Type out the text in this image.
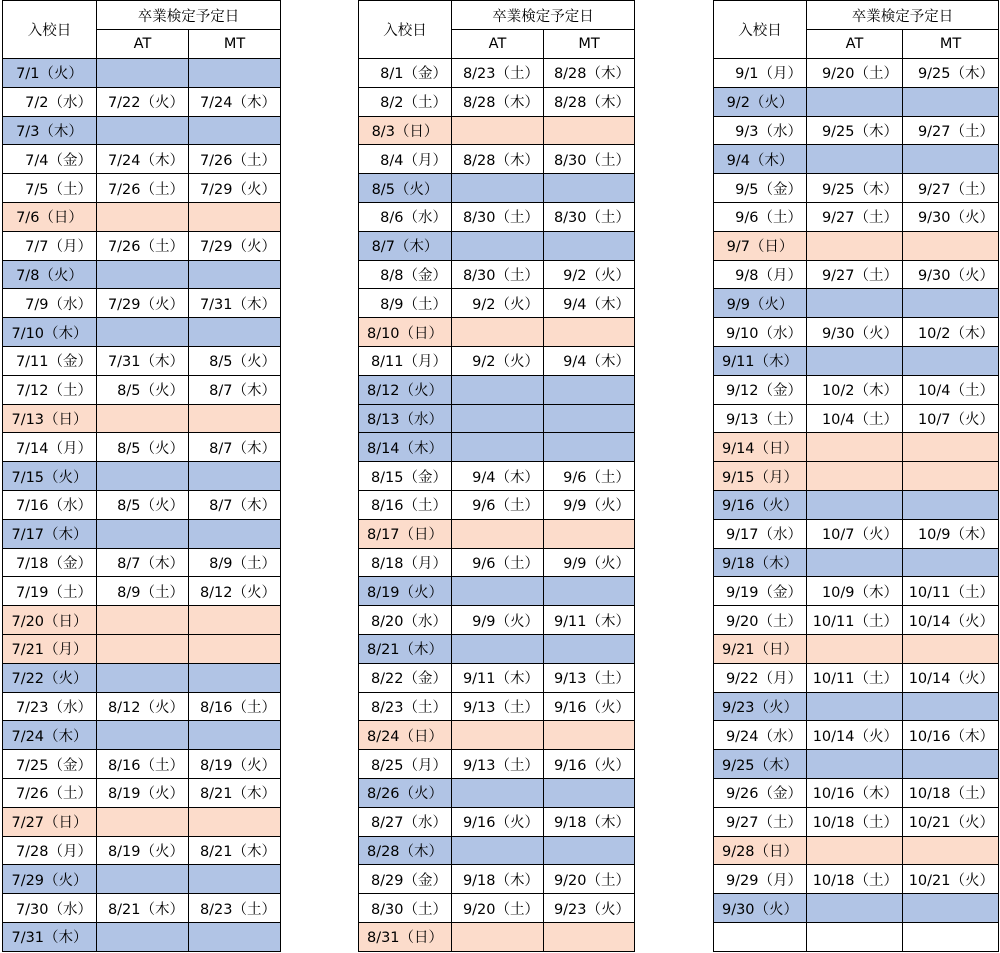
入校日	卒業検定予定日	
	AT	MT
7/1（火）		
7/2（水）	7/22（火）	7/24（木）
7/3（木）		
7/4（金）	7/24（木）	7/26（土）
7/5（土）	7/26（土）	7/29（火）
7/6（日）		
7/7（月）	7/26（土）	7/29（火）
7/8（火）		
7/9（水）	7/29（火）	7/31（木）
7/10（木）		
7/11（金）	7/31（木）	8/5（火）
7/12（土）	8/5（火）	8/7（木）
7/13（日）		
7/14（月）	8/5（火）	8/7（木）
7/15（火）		
7/16（水）	8/5（火）	8/7（木）
7/17（木）		
7/18（金）	8/7（木）	8/9（土）
7/19（土）	8/9（土）	8/12（火）
7/20（日）		
7/21（月）		
7/22（火）		
7/23（水）	8/12（火）	8/16（土）
7/24（木）		
7/25（金）	8/16（土）	8/19（火）
7/26（土）	8/19（火）	8/21（木）
7/27（日）		
7/28（月）	8/19（火）	8/21（木）
7/29（火）		
7/30（水）	8/21（木）	8/23（土）
7/31（木）		
入校日	卒業検定予定日	
	AT	MT
8/1（金）	8/23（土）	8/28（木）
8/2（土）	8/28（木）	8/28（木）
8/3（日）		
8/4（月）	8/28（木）	8/30（土）
8/5（火）		
8/6（水）	8/30（土）	8/30（土）
8/7（木）		
8/8（金）	8/30（土）	9/2（火）
8/9（土）	9/2（火）	9/4（木）
8/10（日）		
8/11（月）	9/2（火）	9/4（木）
8/12（火）		
8/13（水）		
8/14（木）		
8/15（金）	9/4（木）	9/6（土）
8/16（土）	9/6（土）	9/9（火）
8/17（日）		
8/18（月）	9/6（土）	9/9（火）
8/19（火）		
8/20（水）	9/9（火）	9/11（木）
8/21（木）		
8/22（金）	9/11（木）	9/13（土）
8/23（土）	9/13（土）	9/16（火）
8/24（日）		
8/25（月）	9/13（土）	9/16（火）
8/26（火）		
8/27（水）	9/16（火）	9/18（木）
8/28（木）		
8/29（金）	9/18（木）	9/20（土）
8/30（土）	9/20（土）	9/23（火）
8/31（日）		
入校日	卒業検定予定日	
	AT	MT
9/1（月）	9/20（土）	9/25（木）
9/2（火）		
9/3（水）	9/25（木）	9/27（土）
9/4（木）		
9/5（金）	9/25（木）	9/27（土）
9/6（土）	9/27（土）	9/30（火）
9/7（日）		
9/8（月）	9/27（土）	9/30（火）
9/9（火）		
9/10（水）	9/30（火）	10/2（木）
9/11（木）		
9/12（金）	10/2（木）	10/4（土）
9/13（土）	10/4（土）	10/7（火）
9/14（日）		
9/15（月）		
9/16（火）		
9/17（水）	10/7（火）	10/9（木）
9/18（木）		
9/19（金）	10/9（木）	10/11（土）
9/20（土）	10/11（土）	10/14（火）
9/21（日）		
9/22（月）	10/11（土）	10/14（火）
9/23（火）		
9/24（水）	10/14（火）	10/16（木）
9/25（木）		
9/26（金）	10/16（木）	10/18（土）
9/27（土）	10/18（土）	10/21（火）
9/28（日）		
9/29（月）	10/18（土）	10/21（火）
9/30（火）		
